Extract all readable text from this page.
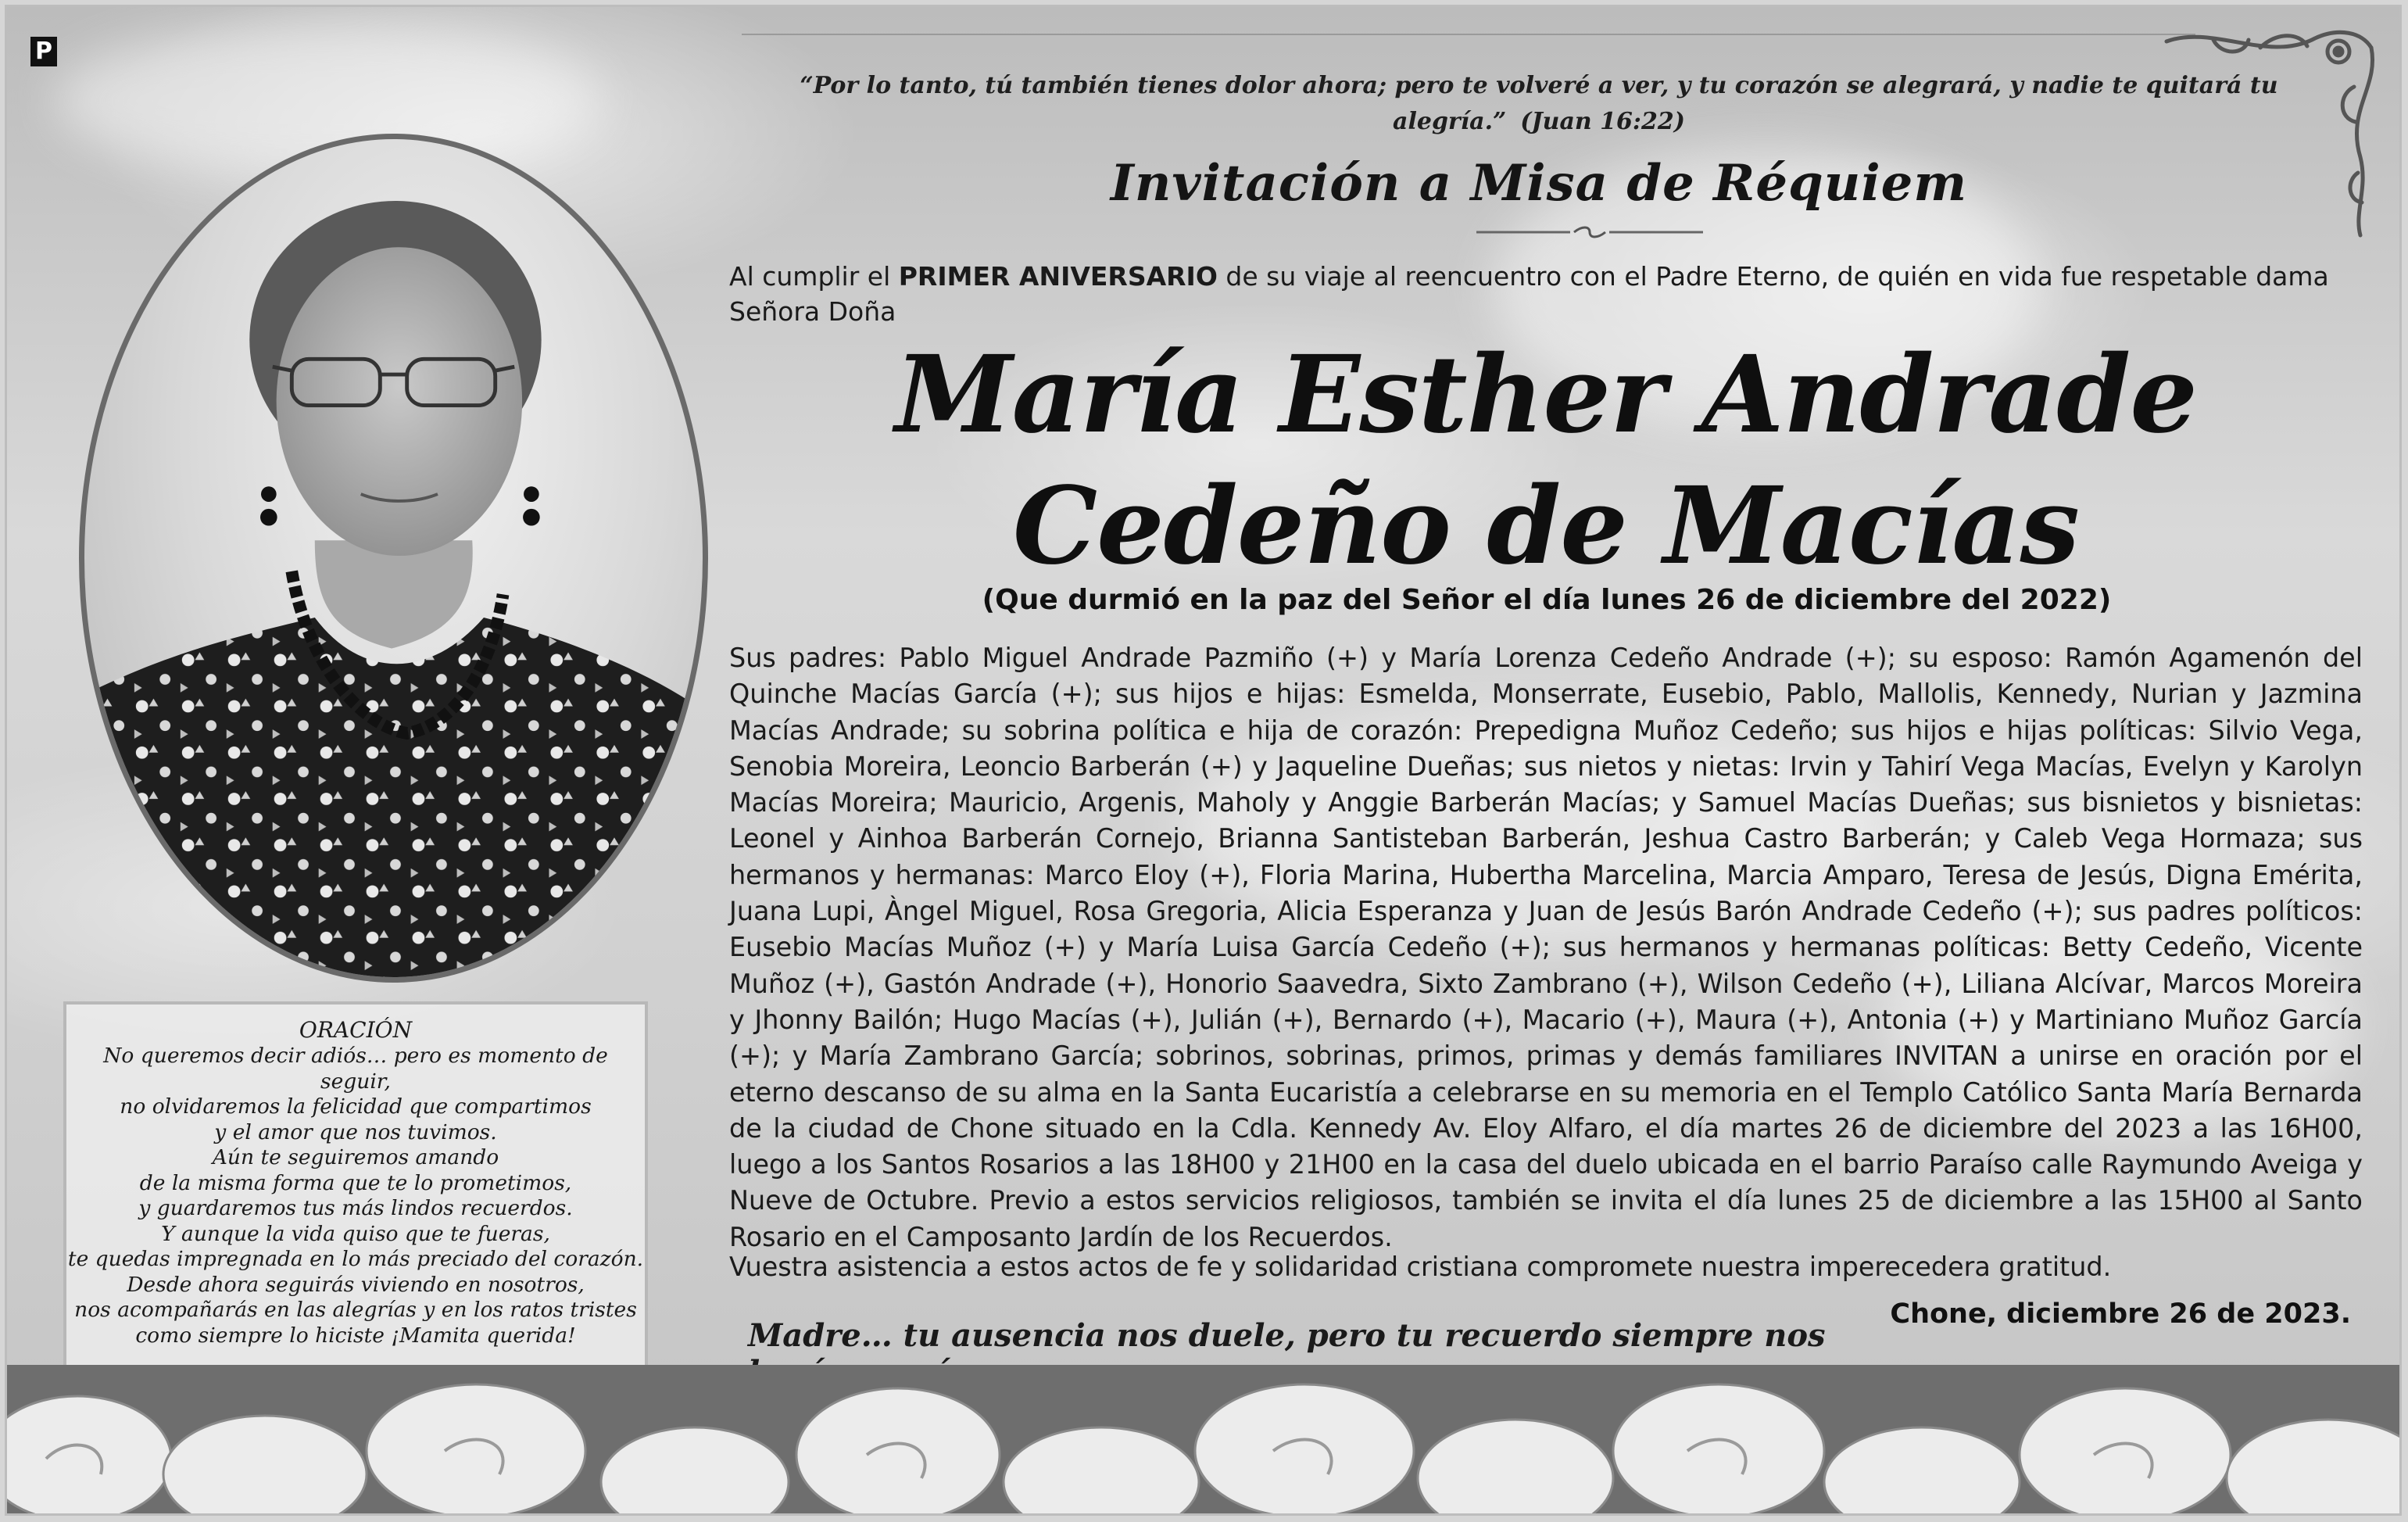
P
“Por lo tanto, tú también tienes dolor ahora; pero te volveré a ver, y tu corazón se alegrará, y nadie te quitará tu alegría.” (Juan 16:22)
Invitación a Misa de Réquiem
Al cumplir el PRIMER ANIVERSARIO de su viaje al reencuentro con el Padre Eterno, de quién en vida fue respetable dama Señora Doña
María Esther Andrade
Cedeño de Macías
(Que durmió en la paz del Señor el día lunes 26 de diciembre del 2022)
Sus padres: Pablo Miguel Andrade Pazmiño (+) y María Lorenza Cedeño Andrade (+); su esposo: Ramón Agamenón del Quinche Macías García (+); sus hijos e hijas: Esmelda, Monserrate, Eusebio, Pablo, Mallolis, Kennedy, Nurian y Jazmina Macías Andrade; su sobrina política e hija de corazón: Prepedigna Muñoz Cedeño; sus hijos e hijas políticas: Silvio Vega, Senobia Moreira, Leoncio Barberán (+) y Jaqueline Dueñas; sus nietos y nietas: Irvin y Tahirí Vega Macías, Evelyn y Karolyn Macías Moreira; Mauricio, Argenis, Maholy y Anggie Barberán Macías; y Samuel Macías Dueñas; sus bisnietos y bisnietas: Leonel y Ainhoa Barberán Cornejo, Brianna Santisteban Barberán, Jeshua Castro Barberán; y Caleb Vega Hormaza; sus hermanos y hermanas: Marco Eloy (+), Floria Marina, Hubertha Marcelina, Marcia Amparo, Teresa de Jesús, Digna Emérita, Juana Lupi, Àngel Miguel, Rosa Gregoria, Alicia Esperanza y Juan de Jesús Barón Andrade Cedeño (+); sus padres políticos: Eusebio Macías Muñoz (+) y María Luisa García Cedeño (+); sus hermanos y hermanas políticas: Betty Cedeño, Vicente Muñoz (+), Gastón Andrade (+), Honorio Saavedra, Sixto Zambrano (+), Wilson Cedeño (+), Liliana Alcívar, Marcos Moreira y Jhonny Bailón; Hugo Macías (+), Julián (+), Bernardo (+), Macario (+), Maura (+), Antonia (+) y Martiniano Muñoz García (+); y María Zambrano García; sobrinos, sobrinas, primos, primas y demás familiares INVITAN a unirse en oración por el eterno descanso de su alma en la Santa Eucaristía a celebrarse en su memoria en el Templo Católico Santa María Bernarda de la ciudad de Chone situado en la Cdla. Kennedy Av. Eloy Alfaro, el día martes 26 de diciembre del 2023 a las 16H00, luego a los Santos Rosarios a las 18H00 y 21H00 en la casa del duelo ubicada en el barrio Paraíso calle Raymundo Aveiga y Nueve de Octubre. Previo a estos servicios religiosos, también se invita el día lunes 25 de diciembre a las 15H00 al Santo Rosario en el Camposanto Jardín de los Recuerdos.
Vuestra asistencia a estos actos de fe y solidaridad cristiana compromete nuestra imperecedera gratitud.
Chone, diciembre 26 de 2023.
Madre… tu ausencia nos duele, pero tu recuerdo siempre nos
ORACIÓN
No queremos decir adiós… pero es momento de seguir,
no olvidaremos la felicidad que compartimos
y el amor que nos tuvimos.
Aún te seguiremos amando
de la misma forma que te lo prometimos,
y guardaremos tus más lindos recuerdos.
Y aunque la vida quiso que te fueras,
te quedas impregnada en lo más preciado del corazón.
Desde ahora seguirás viviendo en nosotros,
nos acompañarás en las alegrías y en los ratos tristes
como siempre lo hiciste ¡Mamita querida!
